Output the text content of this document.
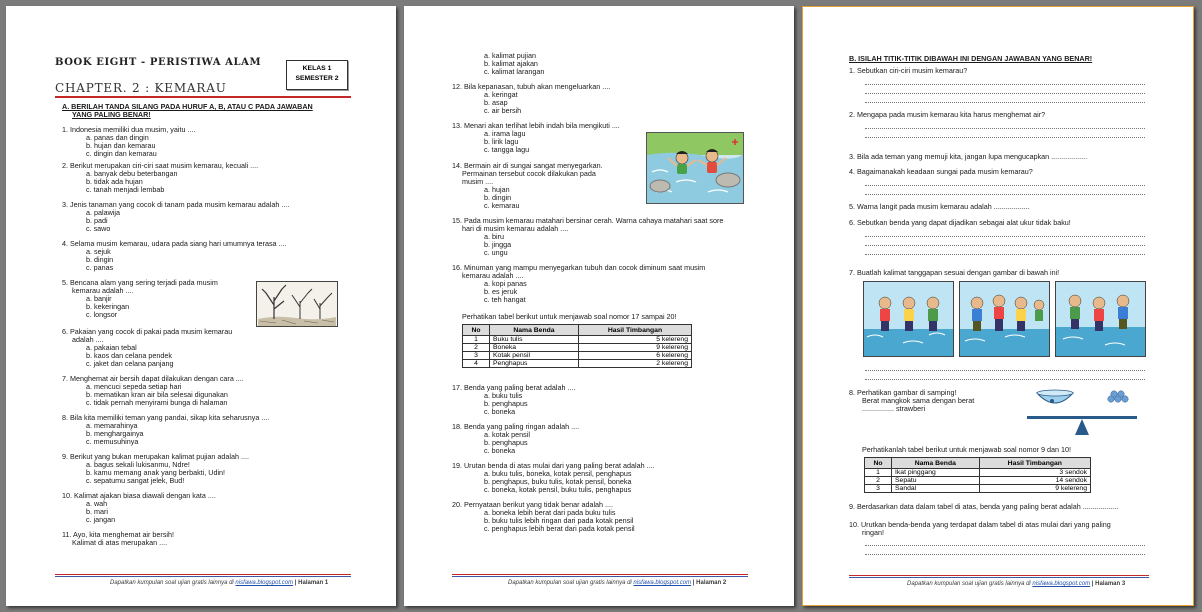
BOOK EIGHT - PERISTIWA ALAM
CHAPTER. 2 : KEMARAU
KELAS 1
SEMESTER 2
A. BERILAH TANDA SILANG PADA HURUF A, B, ATAU C PADA JAWABAN
YANG PALING BENAR!
1. Indonesia memiliki dua musim, yaitu ....
a. panas dan dingin
b. hujan dan kemarau
c. dingin dan kemarau
2. Berikut merupakan ciri-ciri saat musim kemarau, kecuali ....
a. banyak debu beterbangan
b. tidak ada hujan
c. tanah menjadi lembab
3. Jenis tanaman yang cocok di tanam pada musim kemarau adalah ....
a. palawija
b. padi
c. sawo
4. Selama musim kemarau, udara pada siang hari umumnya terasa ....
a. sejuk
b. dingin
c. panas
5. Bencana alam yang sering terjadi pada musim
kemarau adalah ....
a. banjir
b. kekeringan
c. longsor
6. Pakaian yang cocok di pakai pada musim kemarau
adalah ....
a. pakaian tebal
b. kaos dan celana pendek
c. jaket dan celana panjang
7. Menghemat air bersih dapat dilakukan dengan cara ....
a. mencuci sepeda setiap hari
b. mematikan kran air bila selesai digunakan
c. tidak pernah menyirami bunga di halaman
8. Bila kita memiliki teman yang pandai, sikap kita seharusnya ....
a. memarahinya
b. menghargainya
c. memusuhinya
9. Berikut yang bukan merupakan kalimat pujian adalah ....
a. bagus sekali lukisanmu, Ndre!
b. kamu memang anak yang berbakti, Udin!
c. sepatumu sangat jelek, Bud!
10. Kalimat ajakan biasa diawali dengan kata ....
a. wah
b. mari
c. jangan
11. Ayo, kita menghemat air bersih!
Kalimat di atas merupakan ....
Dapatkan kumpulan soal ujian gratis lainnya di nisfawa.blogspot.com | Halaman 1
a. kalimat pujian
b. kalimat ajakan
c. kalimat larangan
12. Bila kepanasan, tubuh akan mengeluarkan ....
a. keringat
b. asap
c. air bersih
13. Menari akan terlihat lebih indah bila mengikuti ....
a. irama lagu
b. lirik lagu
c. tangga lagu
14. Bermain air di sungai sangat menyegarkan.
Permainan tersebut cocok dilakukan pada
musim ....
a. hujan
b. dingin
c. kemarau
15. Pada musim kemarau matahari bersinar cerah. Warna cahaya matahari saat sore
hari di musim kemarau adalah ....
a. biru
b. jingga
c. ungu
16. Minuman yang mampu menyegarkan tubuh dan cocok diminum saat musim
kemarau adalah ....
a. kopi panas
b. es jeruk
c. teh hangat
Perhatikan tabel berikut untuk menjawab soal nomor 17 sampai 20!
No	Nama Benda	Hasil Timbangan
1	Buku tulis	5 kelereng
2	Boneka	9 kelereng
3	Kotak pensil	6 kelereng
4	Penghapus	2 kelereng
17. Benda yang paling berat adalah ....
a. buku tulis
b. penghapus
c. boneka
18. Benda yang paling ringan adalah ....
a. kotak pensil
b. penghapus
c. boneka
19. Urutan benda di atas mulai dari yang paling berat adalah ....
a. buku tulis, boneka, kotak pensil, penghapus
b. penghapus, buku tulis, kotak pensil, boneka
c. boneka, kotak pensil, buku tulis, penghapus
20. Pernyataan berikut yang tidak benar adalah ....
a. boneka lebih berat dari pada buku tulis
b. buku tulis lebih ringan dari pada kotak pensil
c. penghapus lebih berat dari pada kotak pensil
Dapatkan kumpulan soal ujian gratis lainnya di nisfawa.blogspot.com | Halaman 2
B. ISILAH TITIK-TITIK DIBAWAH INI DENGAN JAWABAN YANG BENAR!
1. Sebutkan ciri-ciri musim kemarau?
2. Mengapa pada musim kemarau kita harus menghemat air?
3. Bila ada teman yang memuji kita, jangan lupa mengucapkan ..................
4. Bagaimanakah keadaan sungai pada musim kemarau?
5. Warna langit pada musim kemarau adalah ..................
6. Sebutkan benda yang dapat dijadikan sebagai alat ukur tidak baku!
7. Buatlah kalimat tanggapan sesuai dengan gambar di bawah ini!
8. Perhatikan gambar di samping!
Berat mangkok sama dengan berat
................ strawberi
Perhatikanlah tabel berikut untuk menjawab soal nomor 9 dan 10!
No	Nama Benda	Hasil Timbangan
1	Ikat pinggang	3 sendok
2	Sepatu	14 sendok
3	Sandal	9 kelereng
9. Berdasarkan data dalam tabel di atas, benda yang paling berat adalah ..................
10. Urutkan benda-benda yang terdapat dalam tabel di atas mulai dari yang paling
ringan!
Dapatkan kumpulan soal ujian gratis lainnya di nisfawa.blogspot.com | Halaman 3
